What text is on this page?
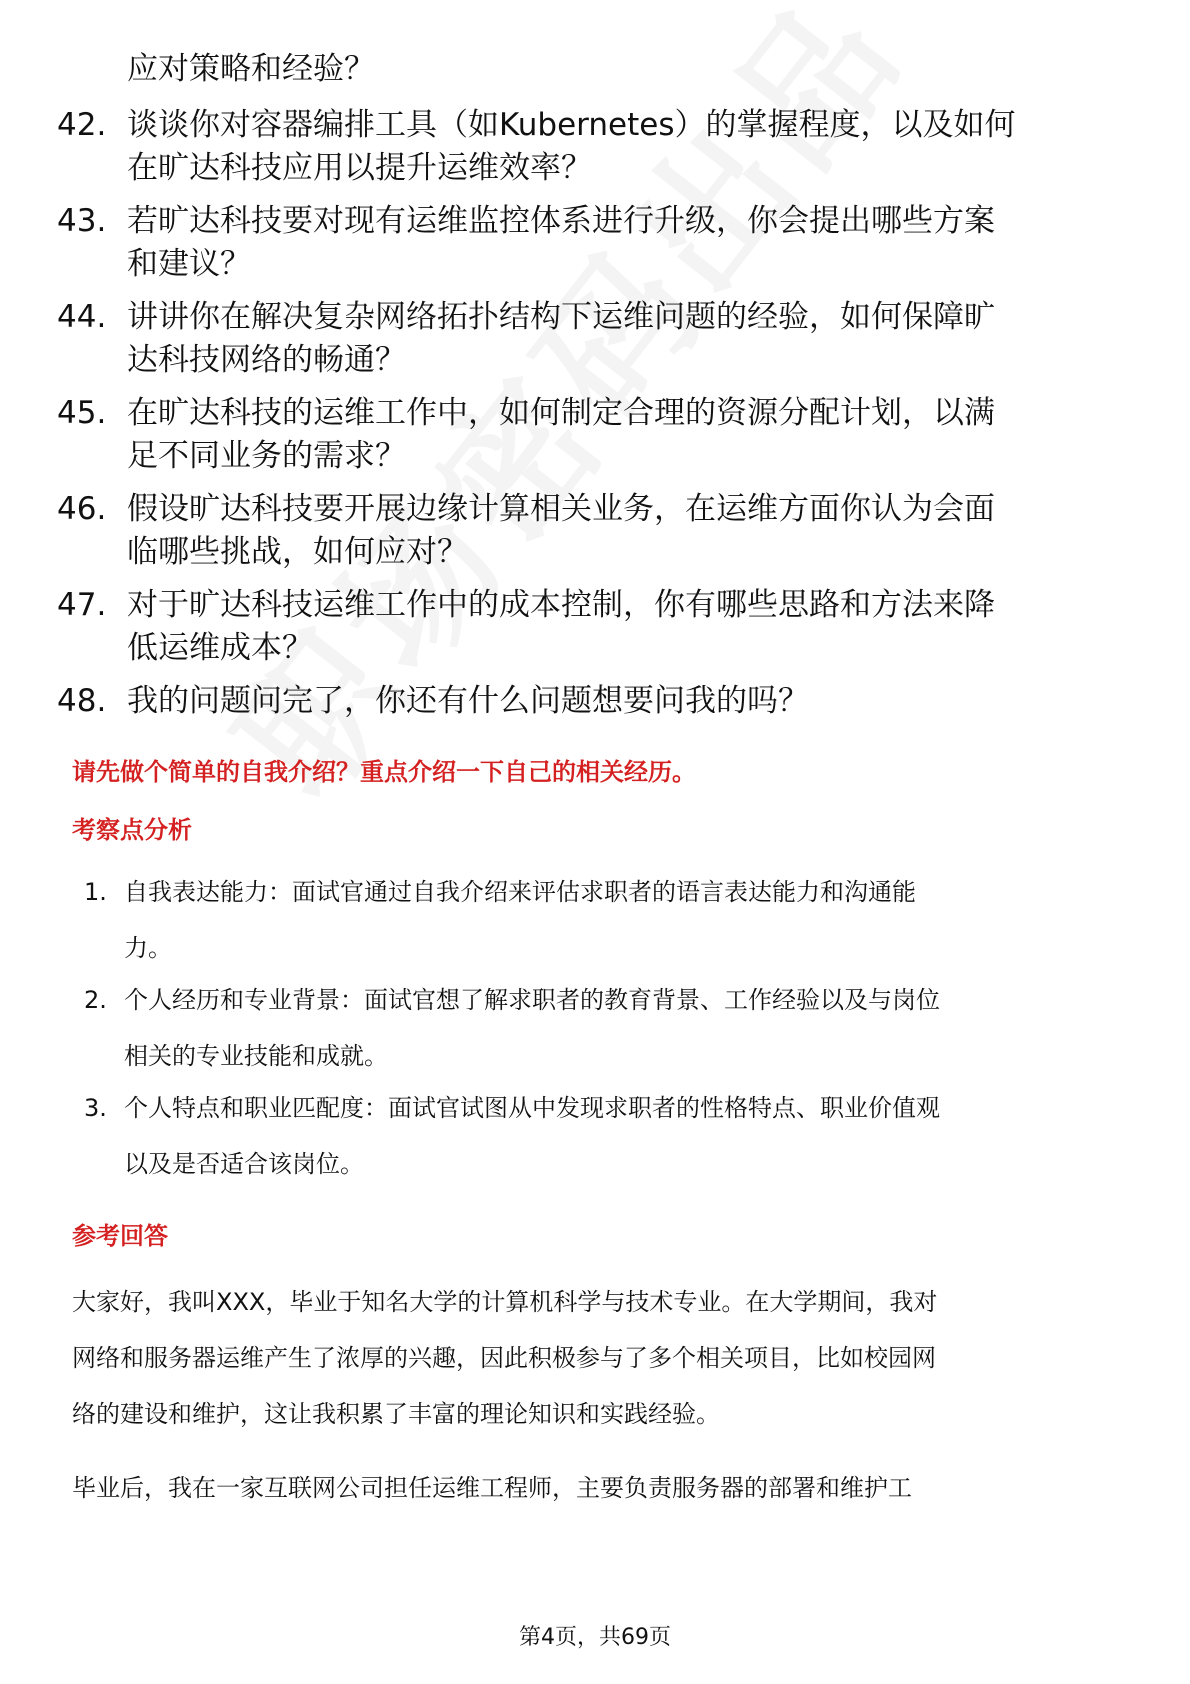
应对策略和经验？
42. 谈谈你对容器编排工具（如Kubernetes）的掌握程度，以及如何
在旷达科技应用以提升运维效率？
43. 若旷达科技要对现有运维监控体系进行升级，你会提出哪些方案
和建议？
44. 讲讲你在解决复杂网络拓扑结构下运维问题的经验，如何保障旷
达科技网络的畅通？
45. 在旷达科技的运维工作中，如何制定合理的资源分配计划，以满
足不同业务的需求？
46. 假设旷达科技要开展边缘计算相关业务，在运维方面你认为会面
临哪些挑战，如何应对？
47. 对于旷达科技运维工作中的成本控制，你有哪些思路和方法来降
低运维成本？
48. 我的问题问完了，你还有什么问题想要问我的吗？
请先做个简单的自我介绍？重点介绍一下自己的相关经历。
考察点分析
1. 自我表达能力：面试官通过自我介绍来评估求职者的语言表达能力和沟通能
力。
2. 个人经历和专业背景：面试官想了解求职者的教育背景、工作经验以及与岗位
相关的专业技能和成就。
3. 个人特点和职业匹配度：面试官试图从中发现求职者的性格特点、职业价值观
以及是否适合该岗位。
参考回答
大家好，我叫XXX，毕业于知名大学的计算机科学与技术专业。在大学期间，我对
网络和服务器运维产生了浓厚的兴趣，因此积极参与了多个相关项目，比如校园网
络的建设和维护，这让我积累了丰富的理论知识和实践经验。
毕业后，我在一家互联网公司担任运维工程师，主要负责服务器的部署和维护工
第4页，共69页
